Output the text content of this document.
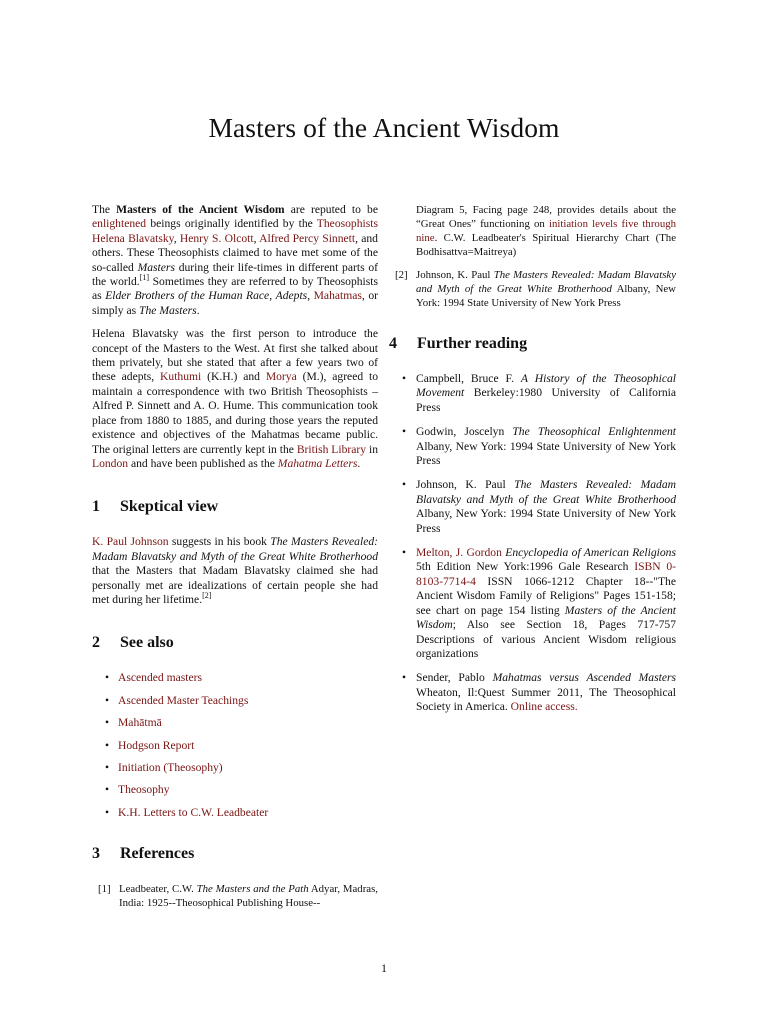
Masters of the Ancient Wisdom

The Masters of the Ancient Wisdom are reputed to be enlightened beings originally identified by the Theosophists Helena Blavatsky, Henry S. Olcott, Alfred Percy Sinnett, and others. These Theosophists claimed to have met some of the so-called Masters during their life-times in different parts of the world.[1] Sometimes they are referred to by Theosophists as Elder Brothers of the Human Race, Adepts, Mahatmas, or simply as The Masters.

Helena Blavatsky was the first person to introduce the concept of the Masters to the West. At first she talked about them privately, but she stated that after a few years two of these adepts, Kuthumi (K.H.) and Morya (M.), agreed to maintain a correspondence with two British Theosophists – Alfred P. Sinnett and A. O. Hume. This communication took place from 1880 to 1885, and during those years the reputed existence and objectives of the Mahatmas became public. The original letters are currently kept in the British Library in London and have been published as the Mahatma Letters.

1 Skeptical view

K. Paul Johnson suggests in his book The Masters Revealed: Madam Blavatsky and Myth of the Great White Brotherhood that the Masters that Madam Blavatsky claimed she had personally met are idealizations of certain people she had met during her lifetime.[2]

2 See also
• Ascended masters
• Ascended Master Teachings
• Mahātmā
• Hodgson Report
• Initiation (Theosophy)
• Theosophy
• K.H. Letters to C.W. Leadbeater
3 References
[1] Leadbeater, C.W. The Masters and the Path Adyar, Madras, India: 1925--Theosophical Publishing House--
Diagram 5, Facing page 248, provides details about the “Great Ones” functioning on initiation levels five through nine. C.W. Leadbeater's Spiritual Hierarchy Chart (The Bodhisattva=Maitreya)
[2] Johnson, K. Paul The Masters Revealed: Madam Blavatsky and Myth of the Great White Brotherhood Albany, New York: 1994 State University of New York Press
4 Further reading
• Campbell, Bruce F. A History of the Theosophical Movement Berkeley:1980 University of California Press
• Godwin, Joscelyn The Theosophical Enlightenment Albany, New York: 1994 State University of New York Press
• Johnson, K. Paul The Masters Revealed: Madam Blavatsky and Myth of the Great White Brotherhood Albany, New York: 1994 State University of New York Press
• Melton, J. Gordon Encyclopedia of American Religions 5th Edition New York:1996 Gale Research ISBN 0-8103-7714-4 ISSN 1066-1212 Chapter 18--"The Ancient Wisdom Family of Religions" Pages 151-158; see chart on page 154 listing Masters of the Ancient Wisdom; Also see Section 18, Pages 717-757 Descriptions of various Ancient Wisdom religious organizations
• Sender, Pablo Mahatmas versus Ascended Masters Wheaton, Il:Quest Summer 2011, The Theosophical Society in America. Online access.
1
